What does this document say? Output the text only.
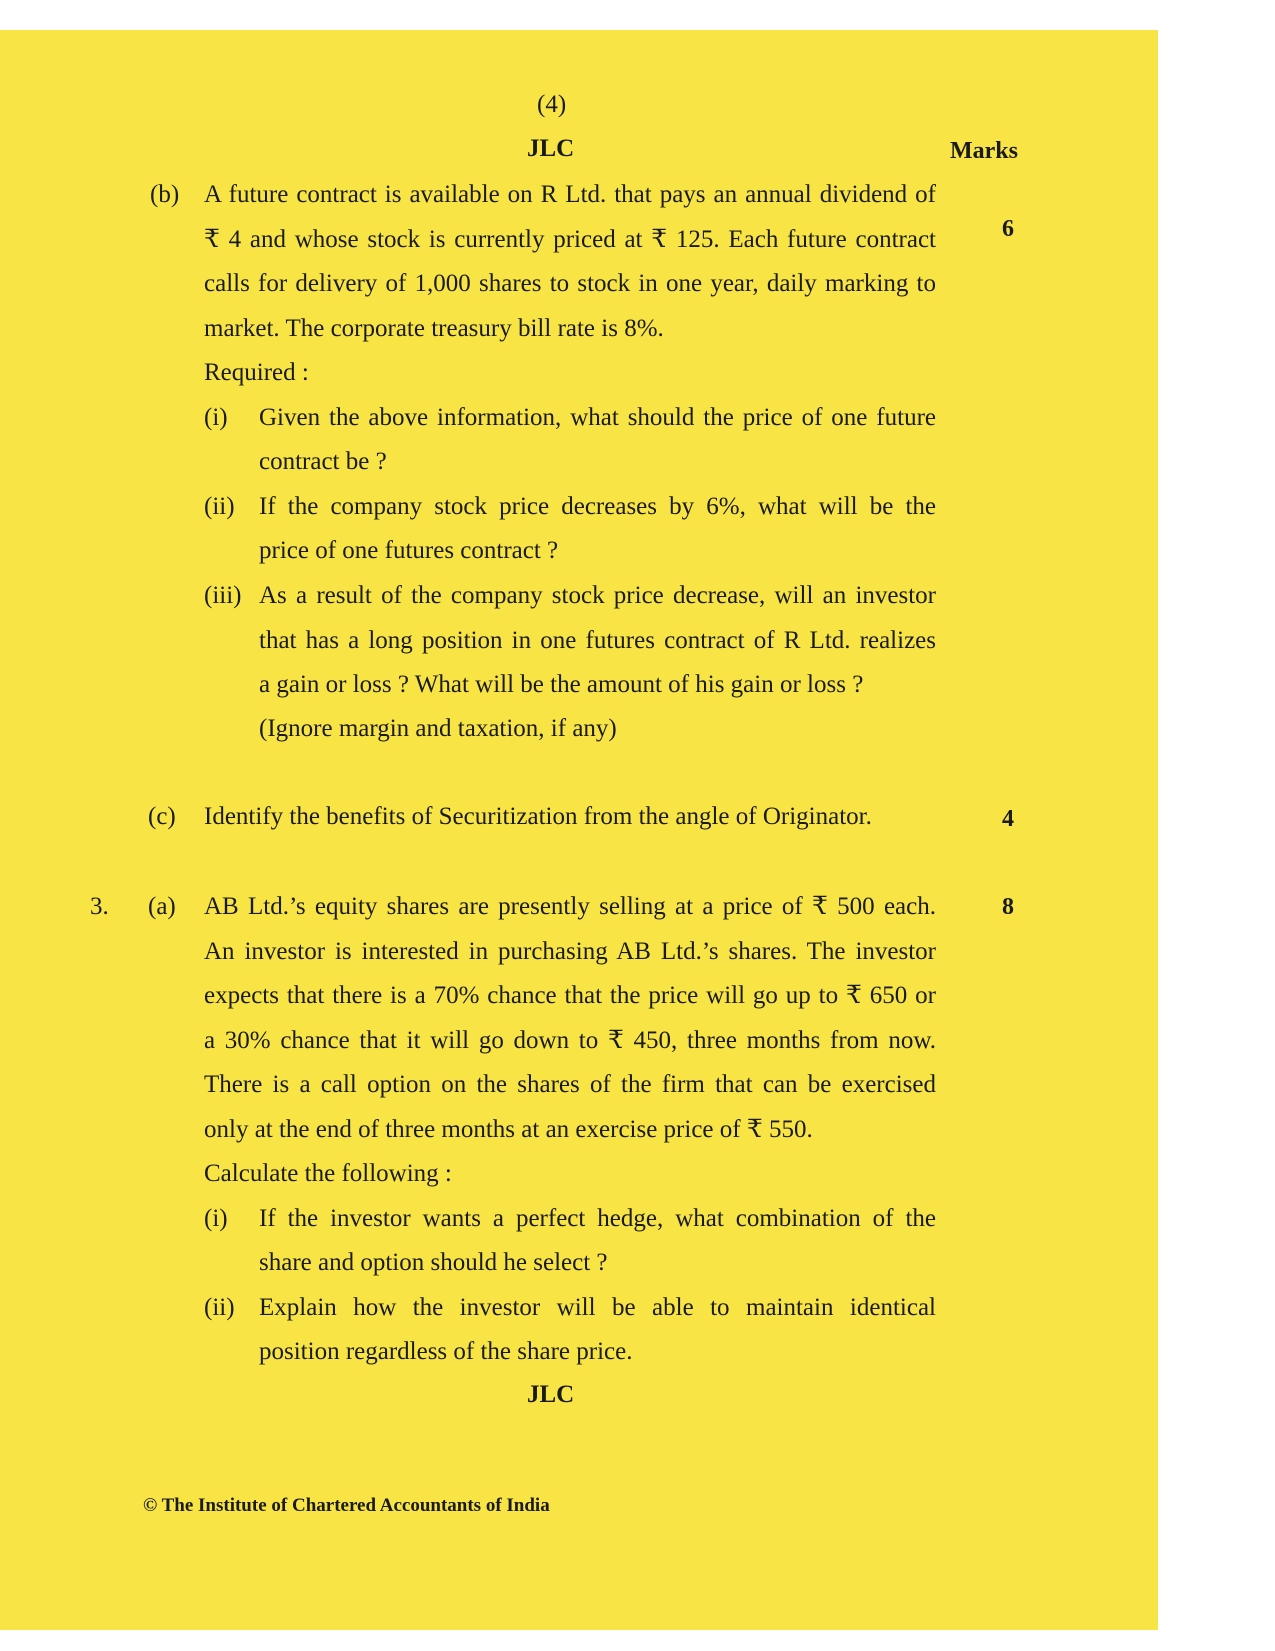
(4)
JLC	Marks
(b) A future contract is available on R Ltd. that pays an annual dividend of
₹ 4 and whose stock is currently priced at ₹ 125. Each future contract
calls for delivery of 1,000 shares to stock in one year, daily marking to
market. The corporate treasury bill rate is 8%.
6
Required :
(i) Given the above information, what should the price of one future
contract be ?
(ii) If the company stock price decreases by 6%, what will be the
price of one futures contract ?
(iii) As a result of the company stock price decrease, will an investor
that has a long position in one futures contract of R Ltd. realizes
a gain or loss ? What will be the amount of his gain or loss ?
(Ignore margin and taxation, if any)
(c) Identify the benefits of Securitization from the angle of Originator.	4
3. (a)	8
AB Ltd.’s equity shares are presently selling at a price of ₹ 500 each.
An investor is interested in purchasing AB Ltd.’s shares. The investor
expects that there is a 70% chance that the price will go up to ₹ 650 or
a 30% chance that it will go down to ₹ 450, three months from now.
There is a call option on the shares of the firm that can be exercised
only at the end of three months at an exercise price of ₹ 550.
Calculate the following :
(i) If the investor wants a perfect hedge, what combination of the
share and option should he select ?
(ii) Explain how the investor will be able to maintain identical
position regardless of the share price.
JLC
© The Institute of Chartered Accountants of India
